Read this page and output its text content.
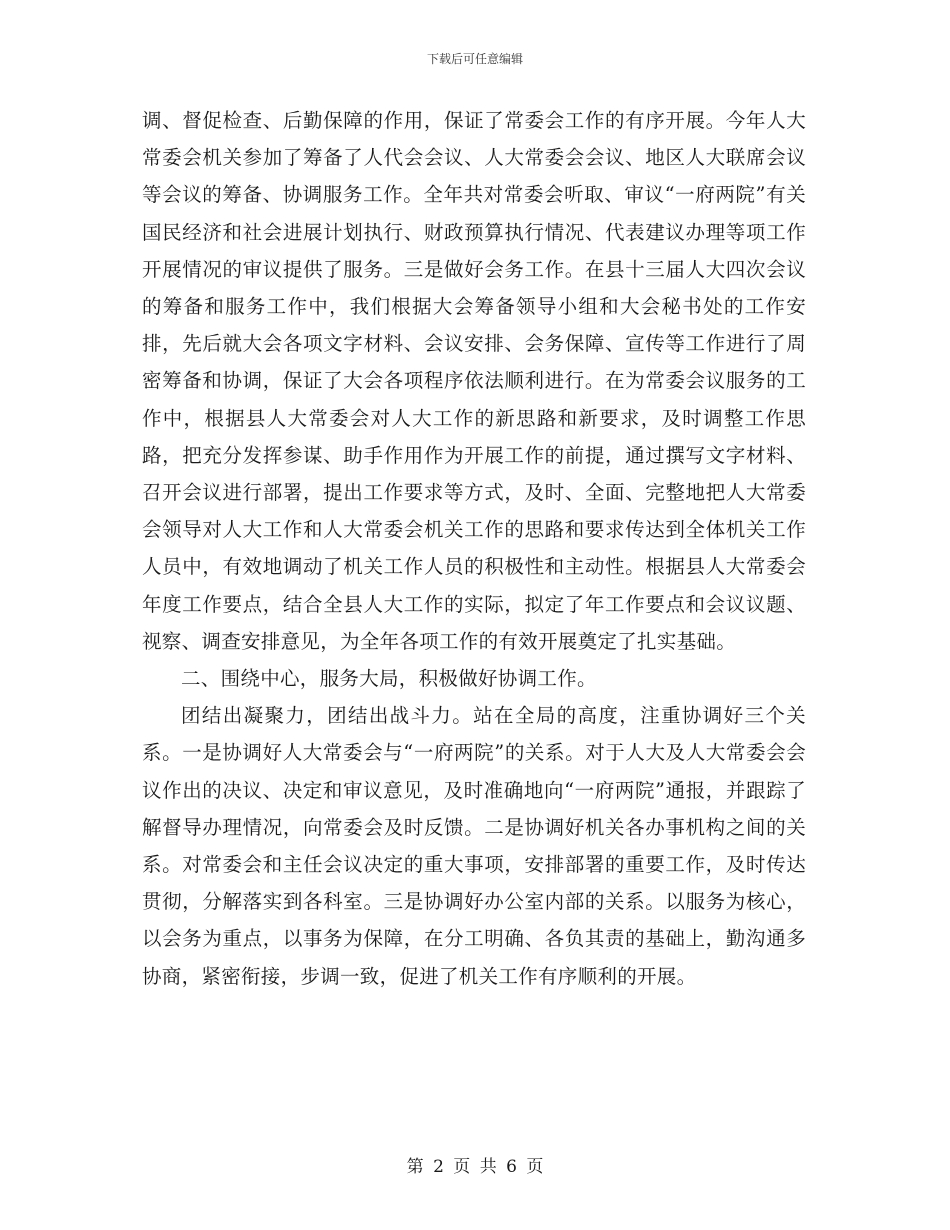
下载后可任意编辑

调、督促检查、后勤保障的作用，保证了常委会工作的有序开展。今年人大常委会机关参加了筹备了人代会会议、人大常委会会议、地区人大联席会议等会议的筹备、协调服务工作。全年共对常委会听取、审议“一府两院”有关国民经济和社会进展计划执行、财政预算执行情况、代表建议办理等项工作开展情况的审议提供了服务。三是做好会务工作。在县十三届人大四次会议的筹备和服务工作中，我们根据大会筹备领导小组和大会秘书处的工作安排，先后就大会各项文字材料、会议安排、会务保障、宣传等工作进行了周密筹备和协调，保证了大会各项程序依法顺利进行。在为常委会议服务的工作中，根据县人大常委会对人大工作的新思路和新要求，及时调整工作思路，把充分发挥参谋、助手作用作为开展工作的前提，通过撰写文字材料、召开会议进行部署，提出工作要求等方式，及时、全面、完整地把人大常委会领导对人大工作和人大常委会机关工作的思路和要求传达到全体机关工作人员中，有效地调动了机关工作人员的积极性和主动性。根据县人大常委会年度工作要点，结合全县人大工作的实际，拟定了年工作要点和会议议题、视察、调查安排意见，为全年各项工作的有效开展奠定了扎实基础。

二、围绕中心，服务大局，积极做好协调工作。

团结出凝聚力，团结出战斗力。站在全局的高度，注重协调好三个关系。一是协调好人大常委会与“一府两院”的关系。对于人大及人大常委会会议作出的决议、决定和审议意见，及时准确地向“一府两院”通报，并跟踪了解督导办理情况，向常委会及时反馈。二是协调好机关各办事机构之间的关系。对常委会和主任会议决定的重大事项，安排部署的重要工作，及时传达贯彻，分解落实到各科室。三是协调好办公室内部的关系。以服务为核心，以会务为重点，以事务为保障，在分工明确、各负其责的基础上，勤沟通多协商，紧密衔接，步调一致，促进了机关工作有序顺利的开展。

第 2 页 共 6 页
